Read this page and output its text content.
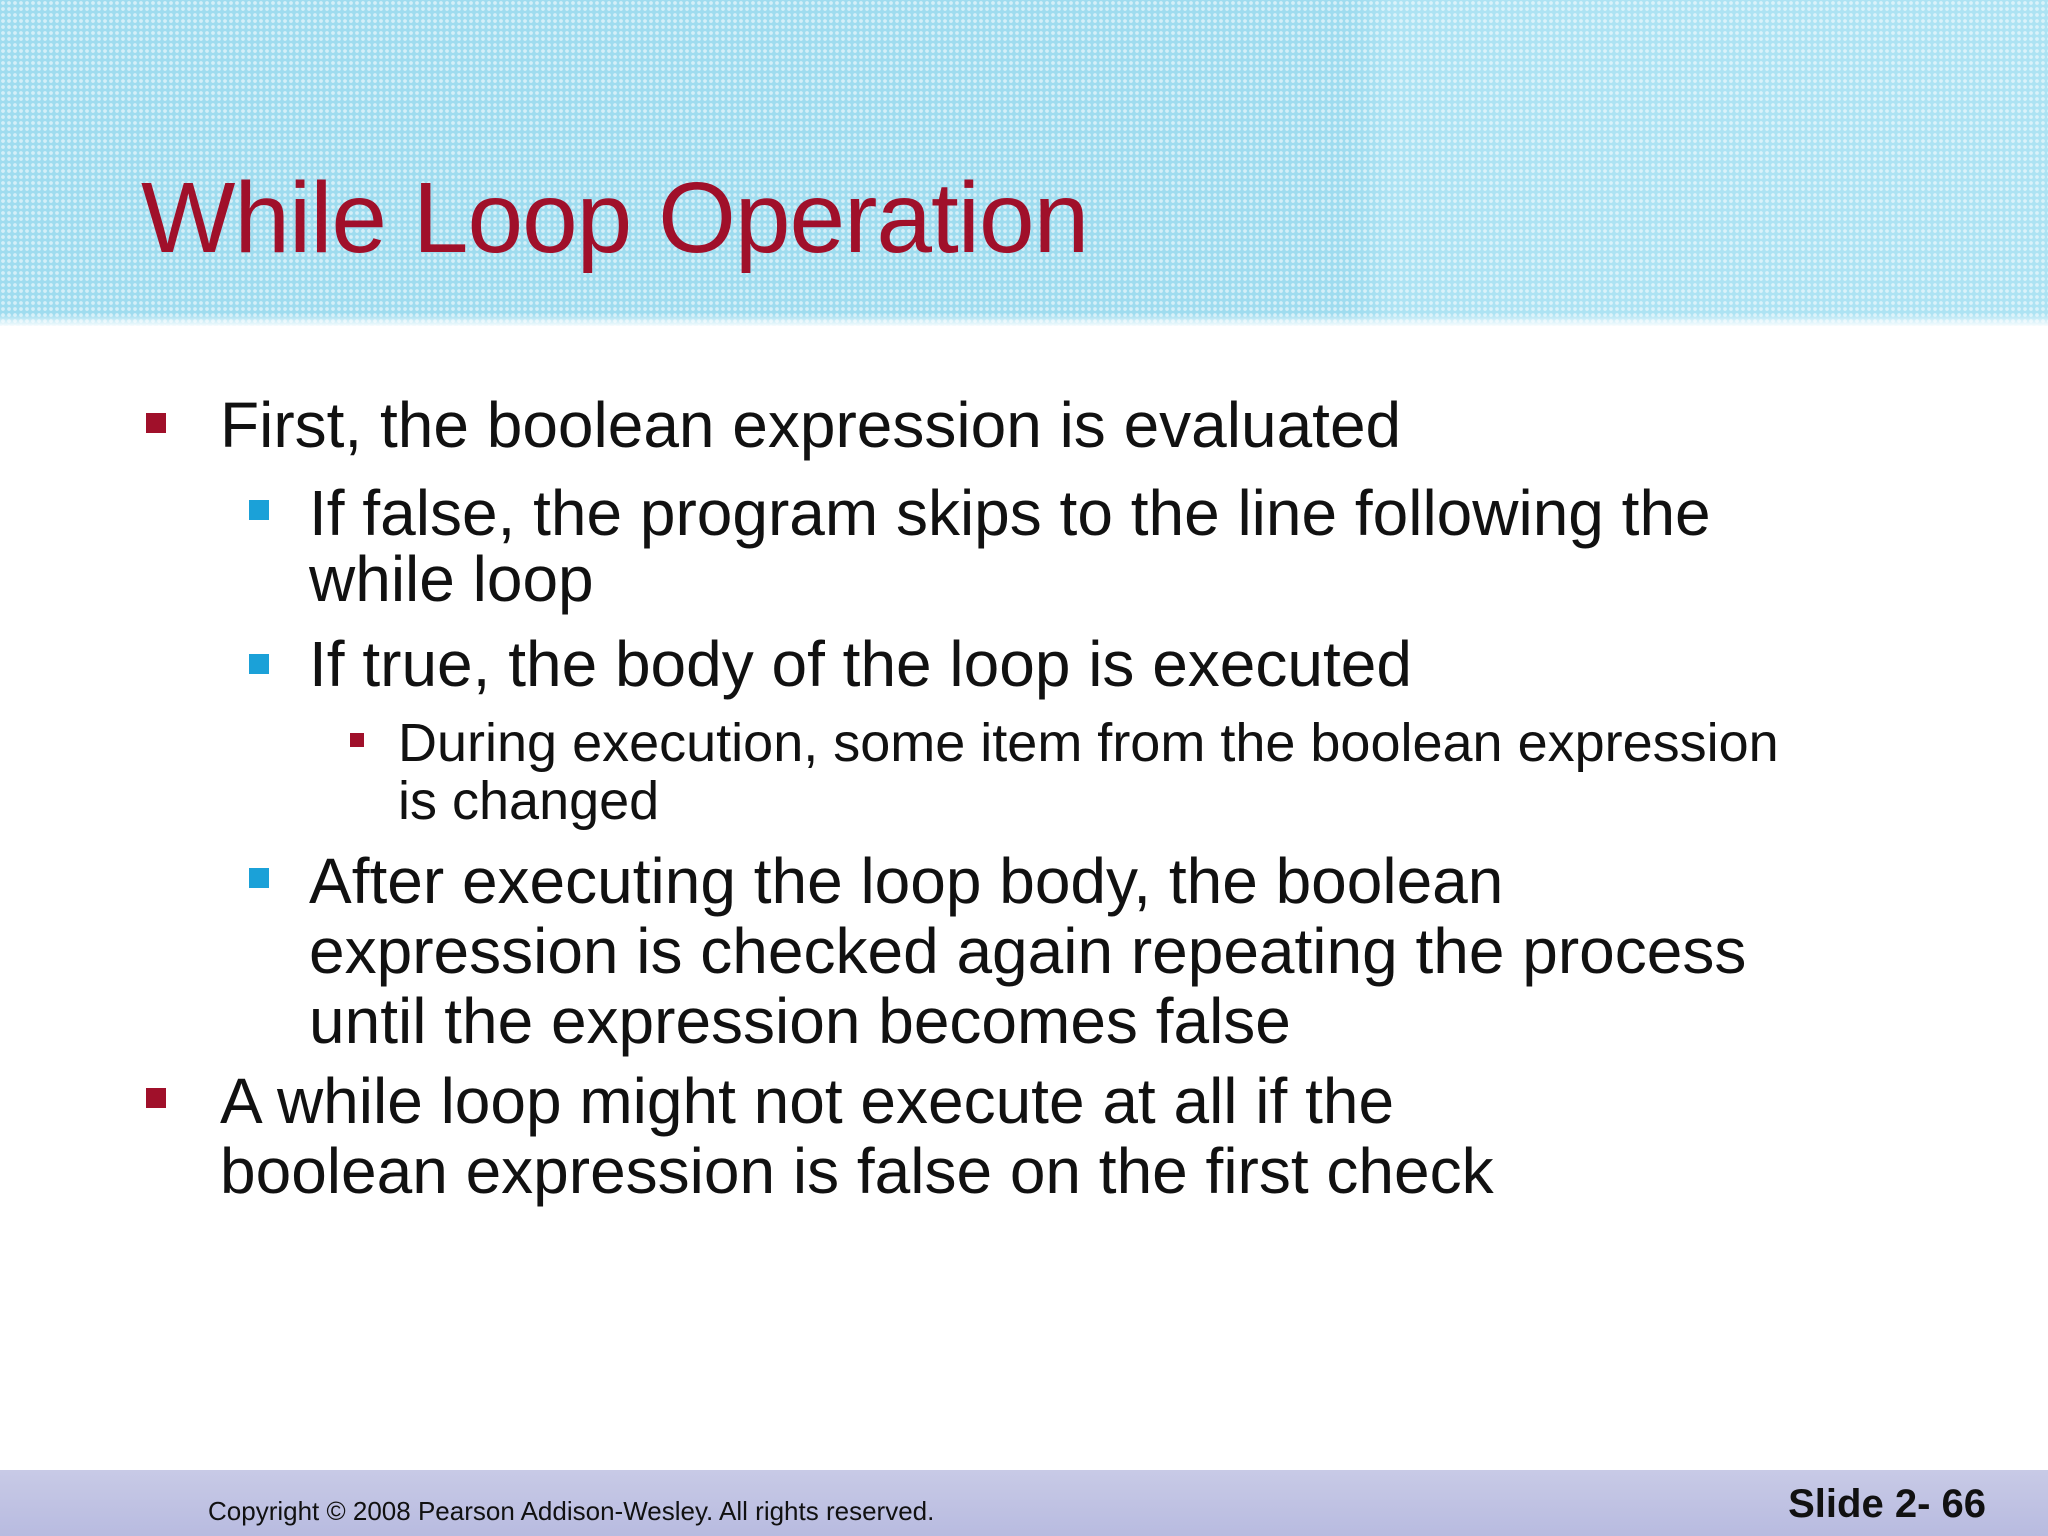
While Loop Operation
First, the boolean expression is evaluated
If false, the program skips to the line following the
while loop
If true, the body of the loop is executed
During execution, some item from the boolean expression
is changed
After executing the loop body, the boolean
expression is checked again repeating the process
until the expression becomes false
A while loop might not execute at all if the
boolean expression is false on the first check
Copyright © 2008 Pearson Addison-Wesley. All rights reserved.	Slide 2- 66
